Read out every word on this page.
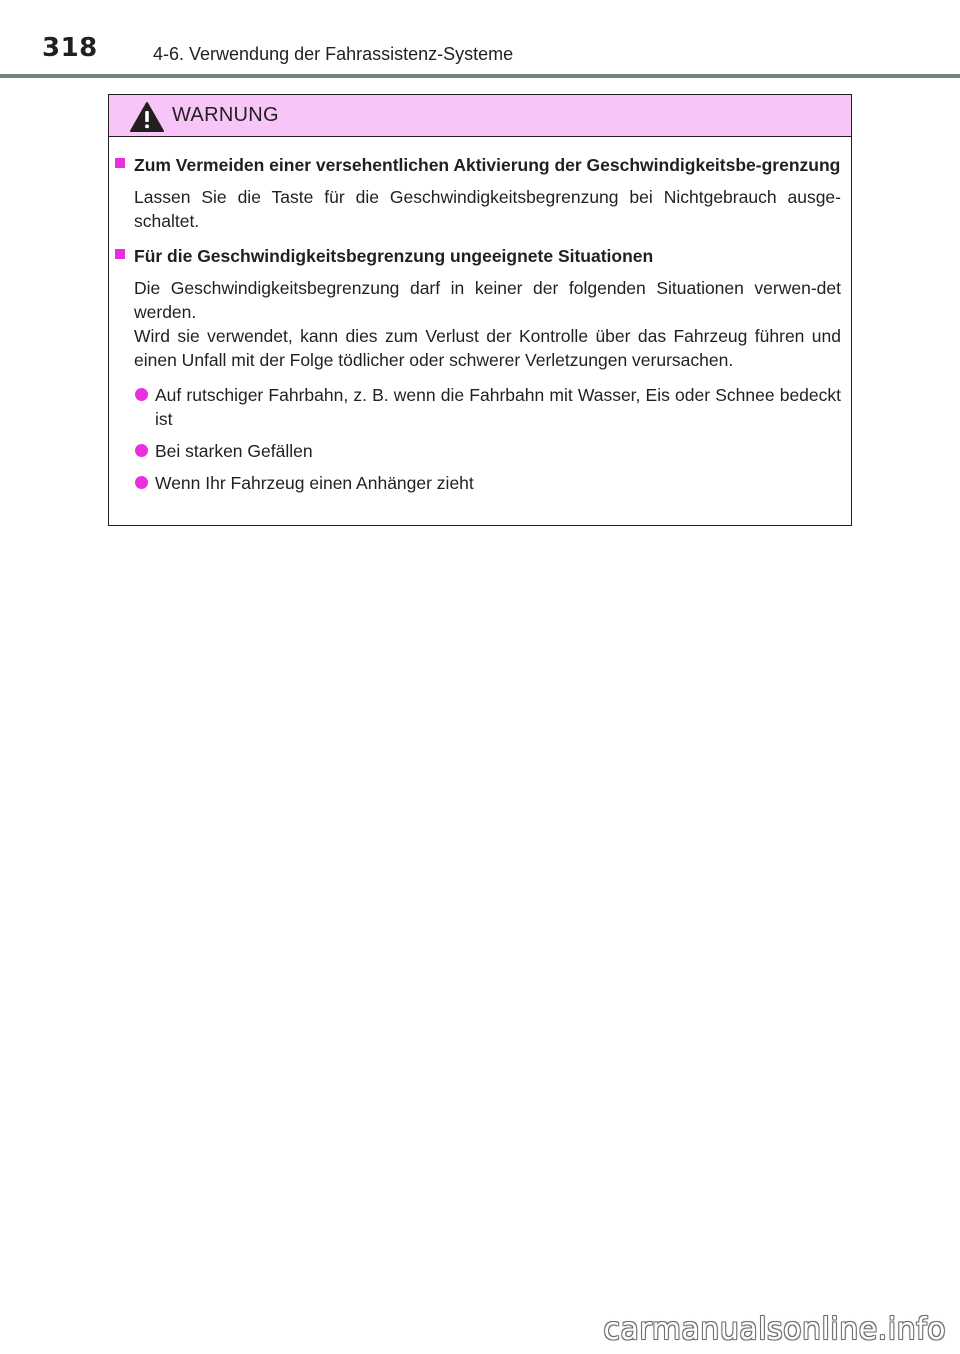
318	4-6. Verwendung der Fahrassistenz-Systeme
WARNUNG
Zum Vermeiden einer versehentlichen Aktivierung der Geschwindigkeitsbe-grenzung
Lassen Sie die Taste für die Geschwindigkeitsbegrenzung bei Nichtgebrauch ausge-schaltet.
Für die Geschwindigkeitsbegrenzung ungeeignete Situationen
Die Geschwindigkeitsbegrenzung darf in keiner der folgenden Situationen verwen-det werden.
Wird sie verwendet, kann dies zum Verlust der Kontrolle über das Fahrzeug führen und einen Unfall mit der Folge tödlicher oder schwerer Verletzungen verursachen.
Auf rutschiger Fahrbahn, z. B. wenn die Fahrbahn mit Wasser, Eis oder Schnee bedeckt ist
Bei starken Gefällen
Wenn Ihr Fahrzeug einen Anhänger zieht
carmanualsonline.info
